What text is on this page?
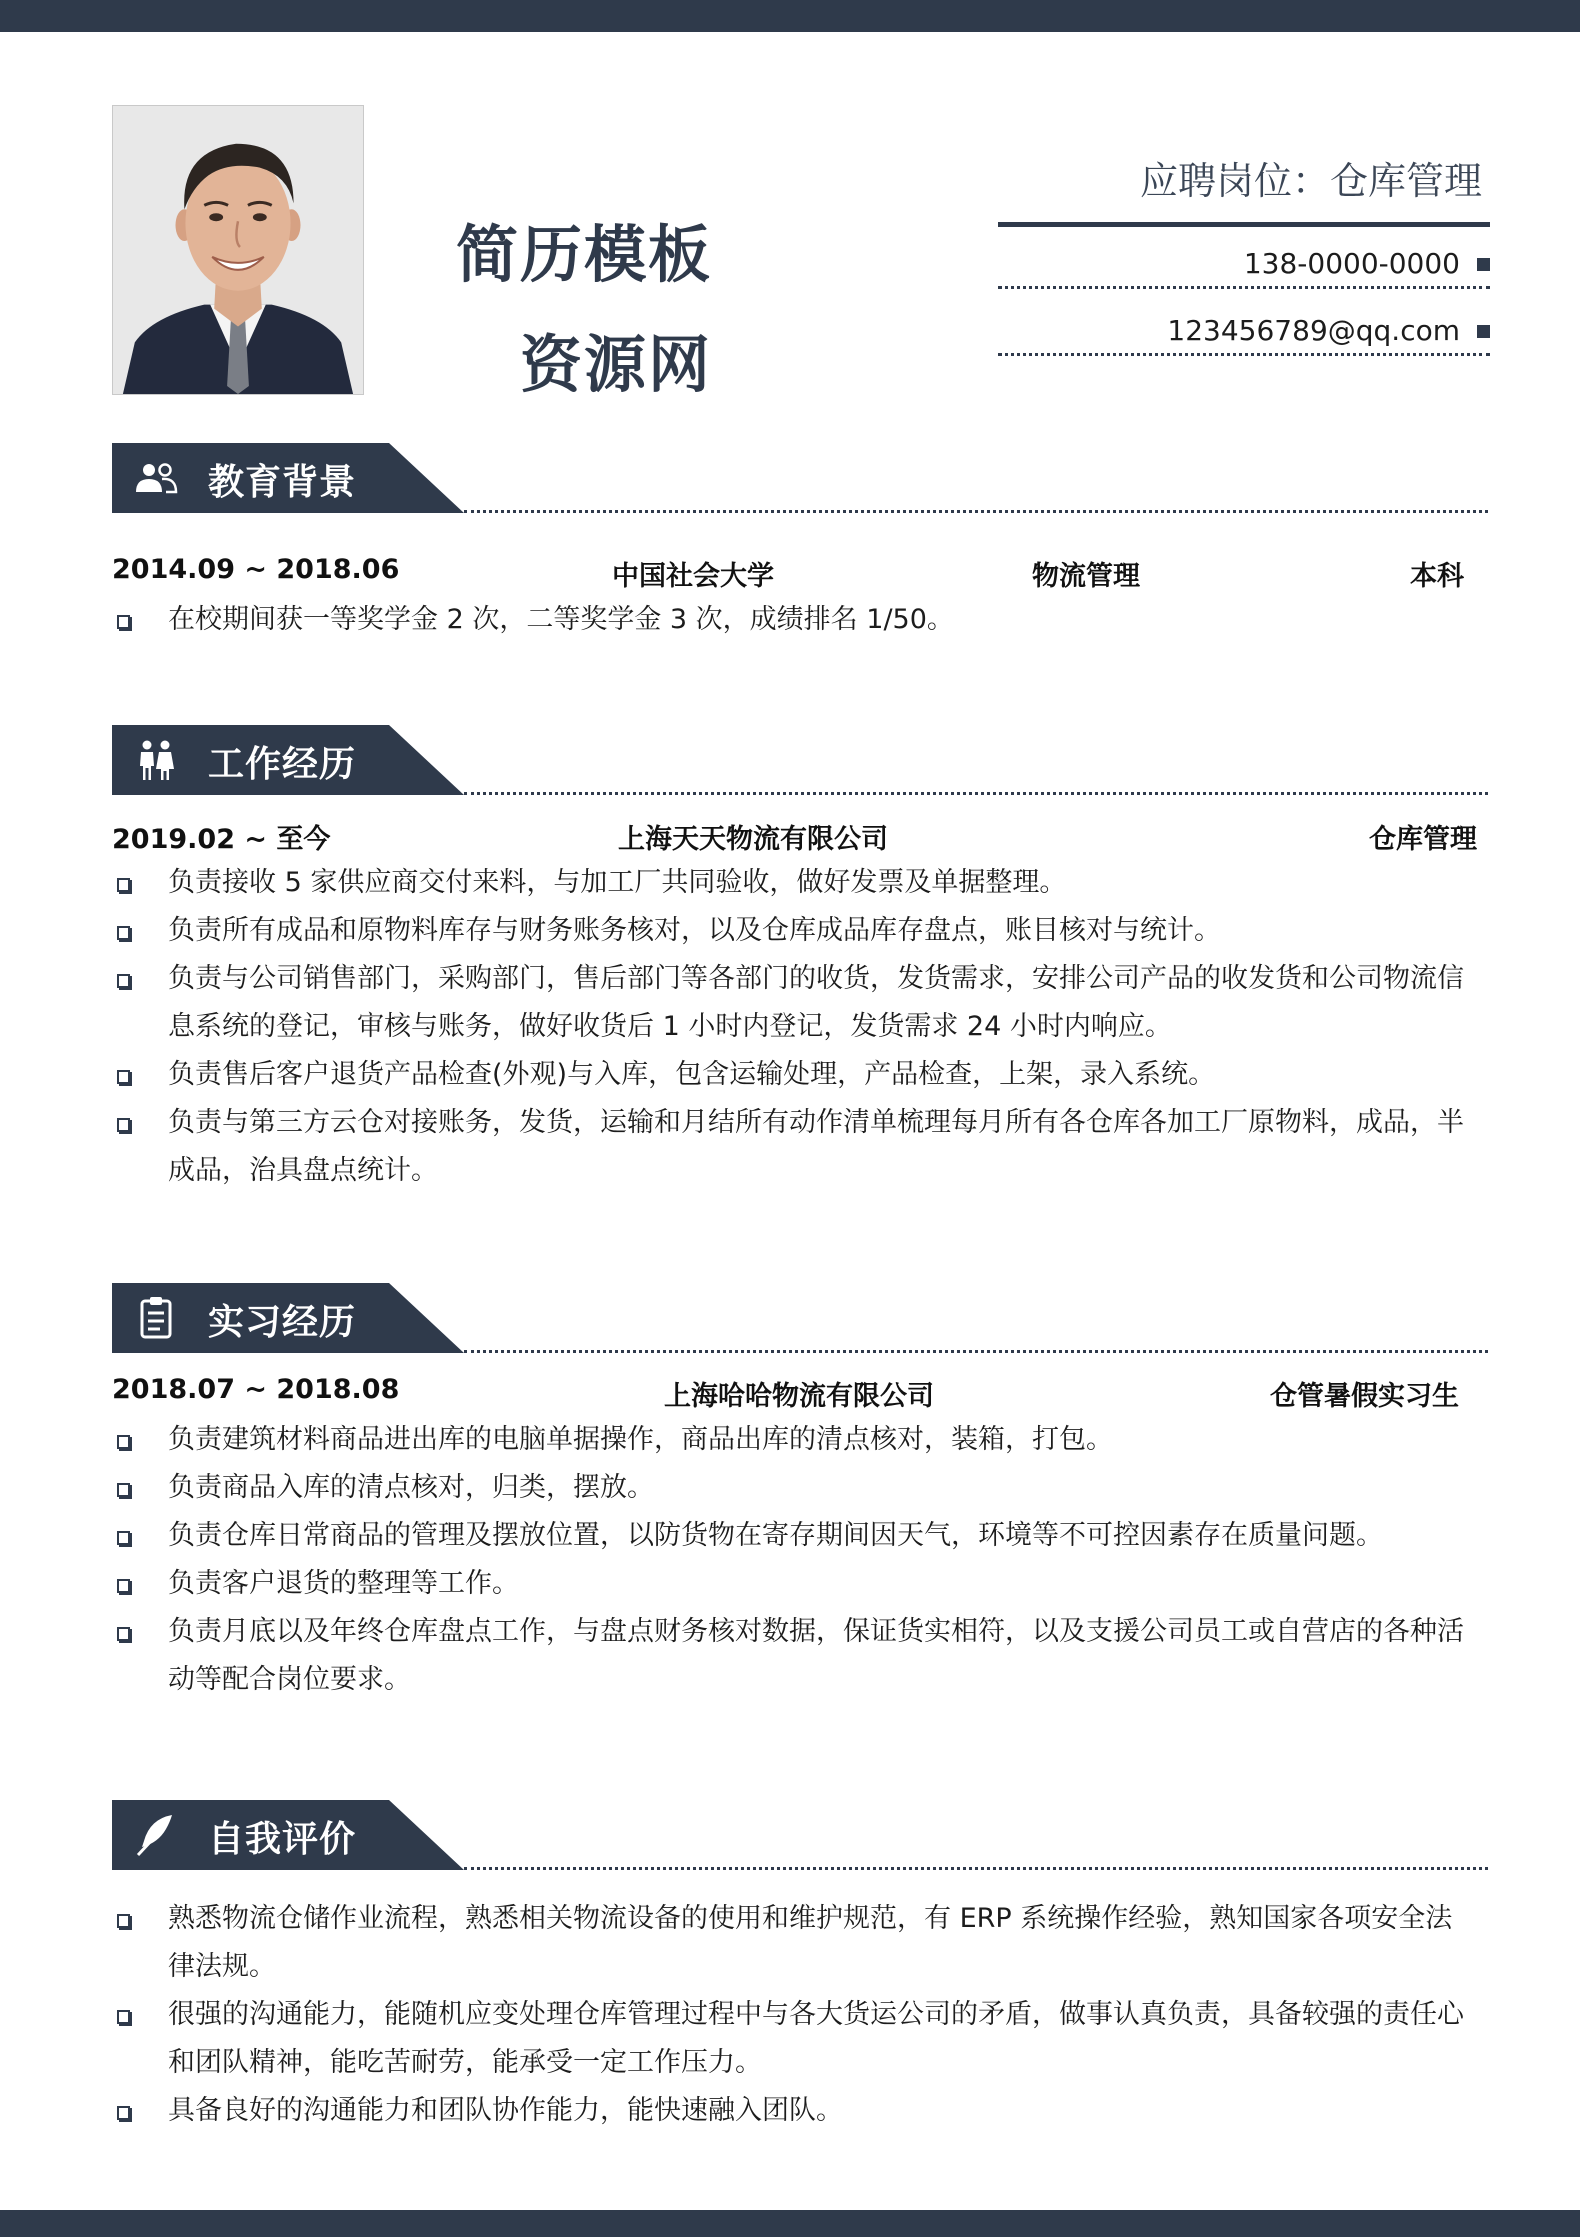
简历模板
资源网
应聘岗位：仓库管理
138-0000-0000
123456789@qq.com
教育背景
2014.09 ~ 2018.06	中国社会大学	物流管理	本科
在校期间获一等奖学金 2 次，二等奖学金 3 次，成绩排名 1/50。
工作经历
2019.02 ~ 至今	上海天天物流有限公司	仓库管理
负责接收 5 家供应商交付来料，与加工厂共同验收，做好发票及单据整理。
负责所有成品和原物料库存与财务账务核对，以及仓库成品库存盘点，账目核对与统计。
负责与公司销售部门，采购部门，售后部门等各部门的收货，发货需求，安排公司产品的收发货和公司物流信息系统的登记，审核与账务，做好收货后 1 小时内登记，发货需求 24 小时内响应。
负责售后客户退货产品检查(外观)与入库，包含运输处理，产品检查，上架，录入系统。
负责与第三方云仓对接账务，发货，运输和月结所有动作清单梳理每月所有各仓库各加工厂原物料，成品，半成品，治具盘点统计。
实习经历
2018.07 ~ 2018.08	上海哈哈物流有限公司	仓管暑假实习生
负责建筑材料商品进出库的电脑单据操作，商品出库的清点核对，装箱，打包。
负责商品入库的清点核对，归类，摆放。
负责仓库日常商品的管理及摆放位置，以防货物在寄存期间因天气，环境等不可控因素存在质量问题。
负责客户退货的整理等工作。
负责月底以及年终仓库盘点工作，与盘点财务核对数据，保证货实相符，以及支援公司员工或自营店的各种活动等配合岗位要求。
自我评价
熟悉物流仓储作业流程，熟悉相关物流设备的使用和维护规范，有 ERP 系统操作经验，熟知国家各项安全法律法规。
很强的沟通能力，能随机应变处理仓库管理过程中与各大货运公司的矛盾，做事认真负责，具备较强的责任心和团队精神，能吃苦耐劳，能承受一定工作压力。
具备良好的沟通能力和团队协作能力，能快速融入团队。
